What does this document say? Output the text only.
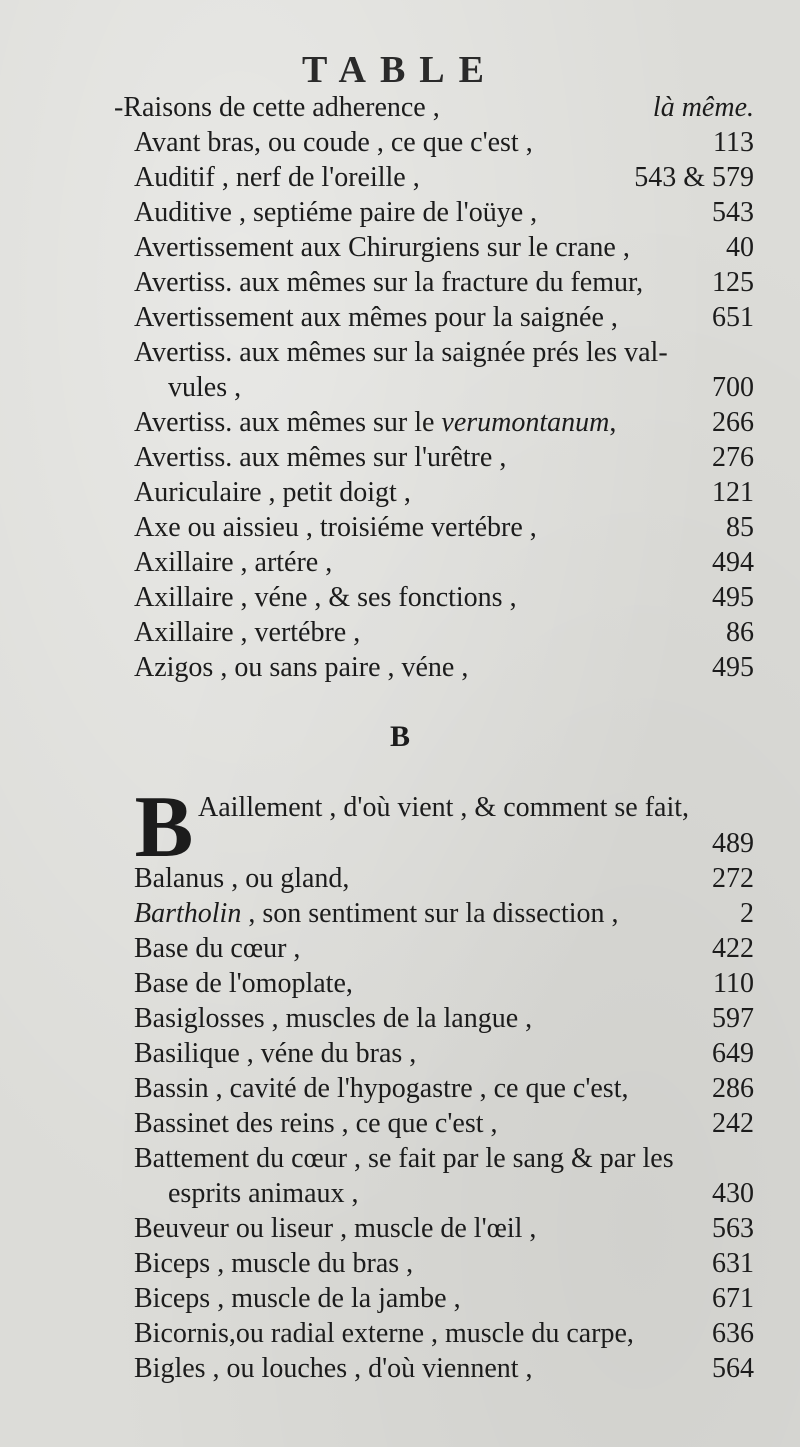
TABLE
-Raisons de cette adherence ,	là même.
Avant bras, ou coude , ce que c'est ,	113
Auditif , nerf de l'oreille ,	543 & 579
Auditive , septiéme paire de l'oüye ,	543
Avertissement aux Chirurgiens sur le crane ,	40
Avertiss. aux mêmes sur la fracture du femur, 125
Avertissement aux mêmes pour la saignée ,	651
Avertiss. aux mêmes sur la saignée prés les val-
vules ,	700
Avertiss. aux mêmes sur le verumontanum,	266
Avertiss. aux mêmes sur l'urêtre ,	276
Auriculaire , petit doigt ,	121
Axe ou aissieu , troisiéme vertébre ,	85
Axillaire , artére ,	494
Axillaire , véne , & ses fonctions ,	495
Axillaire , vertébre ,	86
Azigos , ou sans paire , véne ,	495
B
B Aaillement , d'où vient , & comment se fait,
489
Balanus , ou gland,	272
Bartholin , son sentiment sur la dissection ,	2
Base du cœur ,	422
Base de l'omoplate,	110
Basiglosses , muscles de la langue ,	597
Basilique , véne du bras ,	649
Bassin , cavité de l'hypogastre , ce que c'est,	286
Bassinet des reins , ce que c'est ,	242
Battement du cœur , se fait par le sang & par les
esprits animaux ,	430
Beuveur ou liseur , muscle de l'œil ,	563
Biceps , muscle du bras ,	631
Biceps , muscle de la jambe ,	671
Bicornis,ou radial externe , muscle du carpe,	636
Bigles , ou louches , d'où viennent ,	564
